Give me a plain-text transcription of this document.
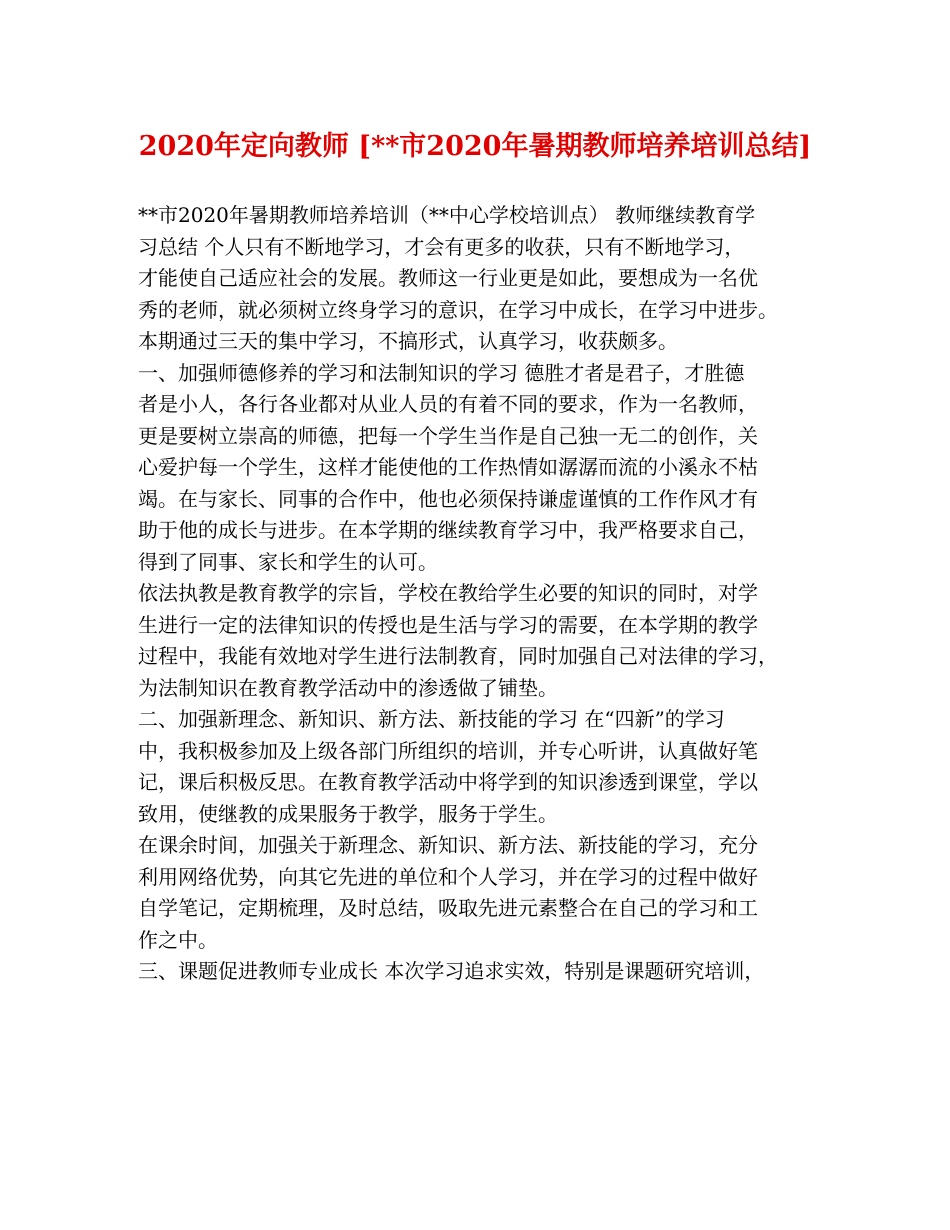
2020年定向教师 [**市2020年暑期教师培养培训总结]
**市2020年暑期教师培养培训（**中心学校培训点） 教师继续教育学
习总结 个人只有不断地学习，才会有更多的收获，只有不断地学习，
才能使自己适应社会的发展。教师这一行业更是如此，要想成为一名优
秀的老师，就必须树立终身学习的意识，在学习中成长，在学习中进步。
本期通过三天的集中学习，不搞形式，认真学习，收获颇多。
一、加强师德修养的学习和法制知识的学习 德胜才者是君子，才胜德
者是小人，各行各业都对从业人员的有着不同的要求，作为一名教师，
更是要树立崇高的师德，把每一个学生当作是自己独一无二的创作，关
心爱护每一个学生，这样才能使他的工作热情如潺潺而流的小溪永不枯
竭。在与家长、同事的合作中，他也必须保持谦虚谨慎的工作作风才有
助于他的成长与进步。在本学期的继续教育学习中，我严格要求自己，
得到了同事、家长和学生的认可。
依法执教是教育教学的宗旨，学校在教给学生必要的知识的同时，对学
生进行一定的法律知识的传授也是生活与学习的需要，在本学期的教学
过程中，我能有效地对学生进行法制教育，同时加强自己对法律的学习，
为法制知识在教育教学活动中的渗透做了铺垫。
二、加强新理念、新知识、新方法、新技能的学习 在“四新”的学习
中，我积极参加及上级各部门所组织的培训，并专心听讲，认真做好笔
记，课后积极反思。在教育教学活动中将学到的知识渗透到课堂，学以
致用，使继教的成果服务于教学，服务于学生。
在课余时间，加强关于新理念、新知识、新方法、新技能的学习，充分
利用网络优势，向其它先进的单位和个人学习，并在学习的过程中做好
自学笔记，定期梳理，及时总结，吸取先进元素整合在自己的学习和工
作之中。
三、课题促进教师专业成长 本次学习追求实效，特别是课题研究培训，
